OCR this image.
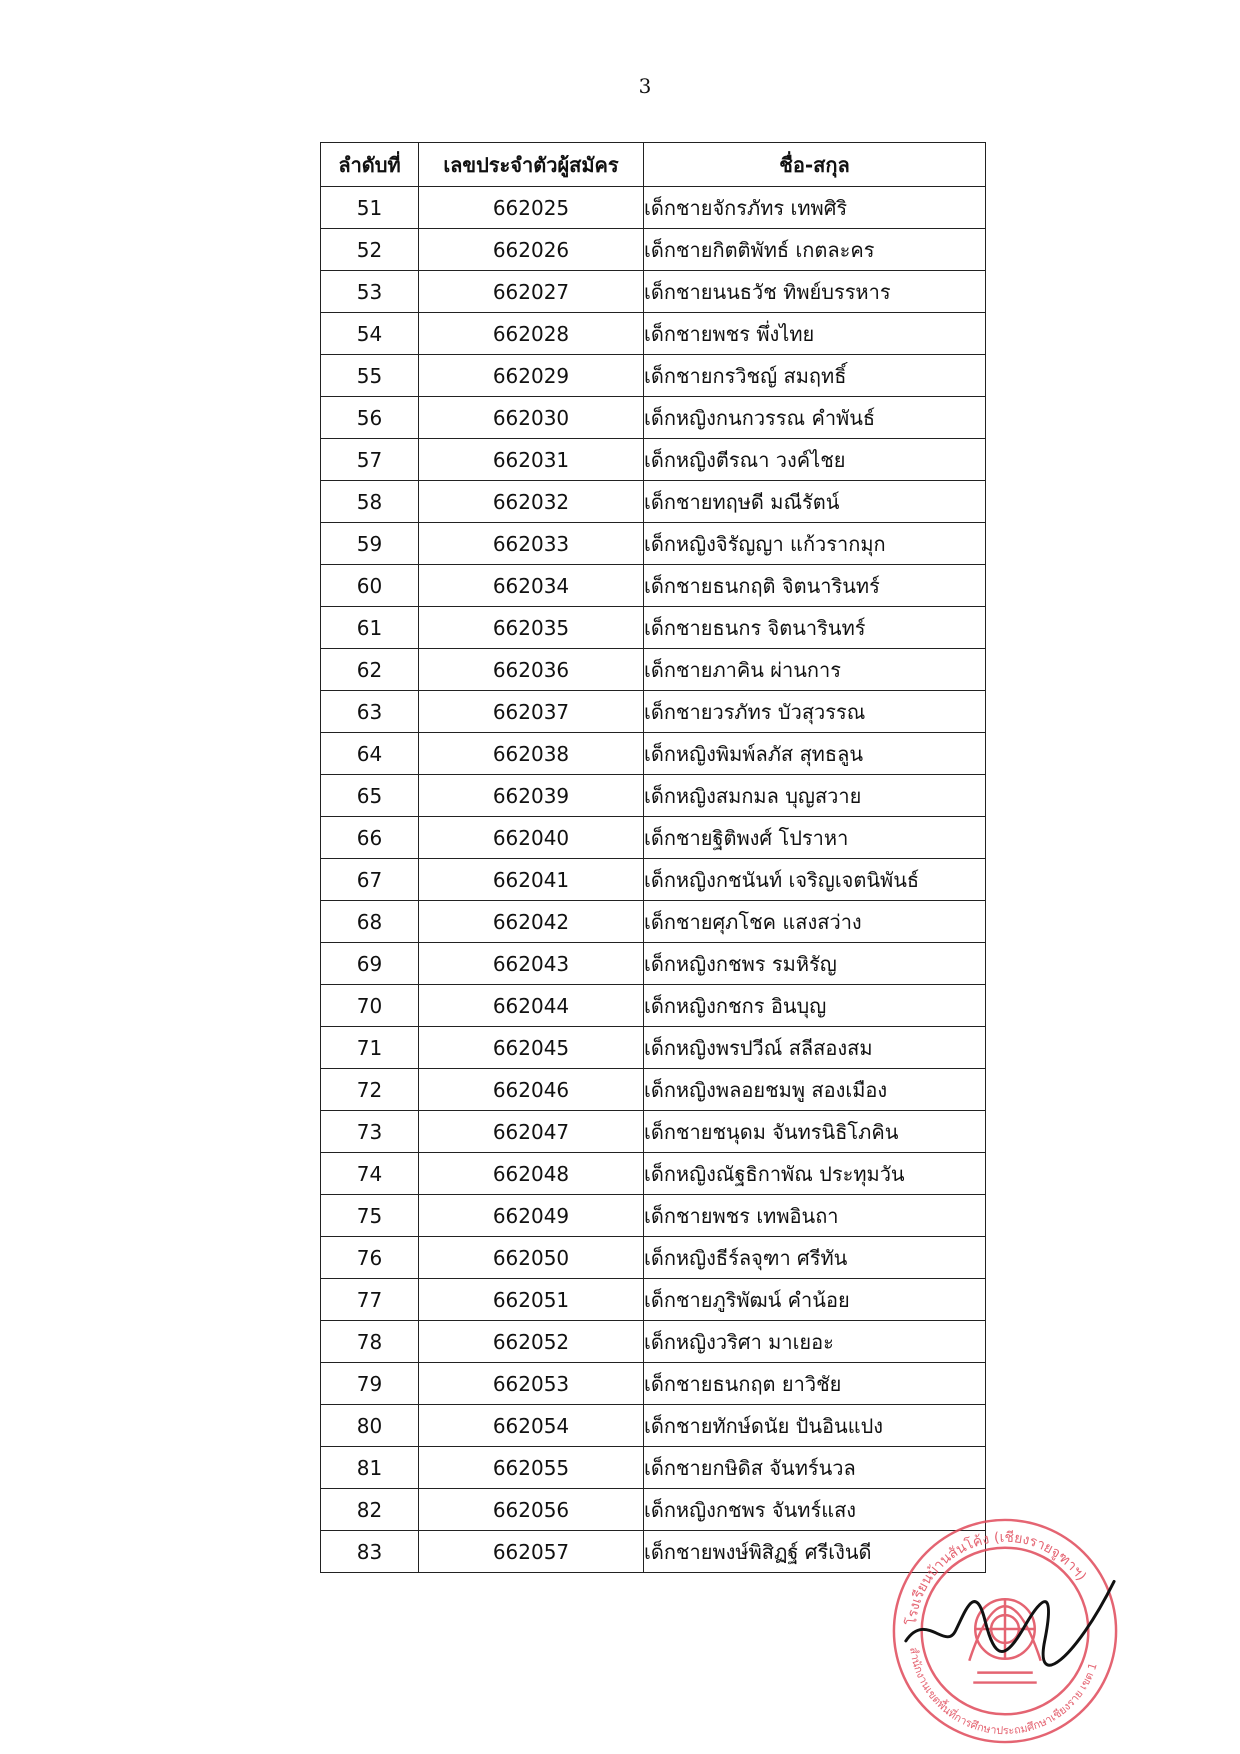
3
ลำดับที่	เลขประจำตัวผู้สมัคร	ชื่อ-สกุล
51	662025	เด็กชายจักรภัทร เทพศิริ
52	662026	เด็กชายกิตติพัทธ์ เกตละคร
53	662027	เด็กชายนนธวัช ทิพย์บรรหาร
54	662028	เด็กชายพชร พึ่งไทย
55	662029	เด็กชายกรวิชญ์ สมฤทธิ์
56	662030	เด็กหญิงกนกวรรณ คำพันธ์
57	662031	เด็กหญิงตีรณา วงค์ไชย
58	662032	เด็กชายทฤษดี มณีรัตน์
59	662033	เด็กหญิงจิรัญญา แก้วรากมุก
60	662034	เด็กชายธนกฤติ จิตนารินทร์
61	662035	เด็กชายธนกร จิตนารินทร์
62	662036	เด็กชายภาคิน ผ่านการ
63	662037	เด็กชายวรภัทร บัวสุวรรณ
64	662038	เด็กหญิงพิมพ์ลภัส สุทธลูน
65	662039	เด็กหญิงสมกมล บุญสวาย
66	662040	เด็กชายฐิติพงศ์ โปราหา
67	662041	เด็กหญิงกชนันท์ เจริญเจตนิพันธ์
68	662042	เด็กชายศุภโชค แสงสว่าง
69	662043	เด็กหญิงกชพร รมหิรัญ
70	662044	เด็กหญิงกชกร อินบุญ
71	662045	เด็กหญิงพรปวีณ์ สลีสองสม
72	662046	เด็กหญิงพลอยชมพู สองเมือง
73	662047	เด็กชายชนุดม จันทรนิธิโภคิน
74	662048	เด็กหญิงณัฐธิกาพัณ ประทุมวัน
75	662049	เด็กชายพชร เทพอินถา
76	662050	เด็กหญิงธีร์ลจุฑา ศรีทัน
77	662051	เด็กชายภูริพัฒน์ คำน้อย
78	662052	เด็กหญิงวริศา มาเยอะ
79	662053	เด็กชายธนกฤต ยาวิชัย
80	662054	เด็กชายทักษ์ดนัย ปันอินแปง
81	662055	เด็กชายกษิดิส จันทร์นวล
82	662056	เด็กหญิงกชพร จันทร์แสง
83	662057	เด็กชายพงษ์พิสิฏฐ์ ศรีเงินดี
โรงเรียนบ้านสันโค้ง (เชียงรายจูฑาฯ)
สำนักงานเขตพื้นที่การศึกษาประถมศึกษาเชียงราย เขต 1
